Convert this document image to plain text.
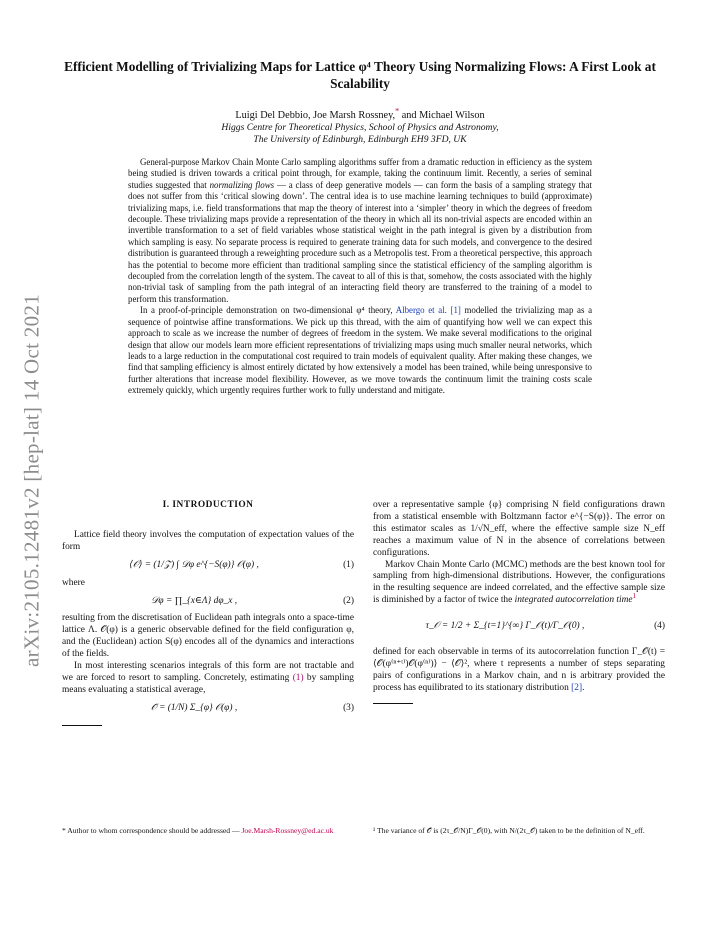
arXiv:2105.12481v2 [hep-lat] 14 Oct 2021
Efficient Modelling of Trivializing Maps for Lattice φ⁴ Theory Using Normalizing Flows: A First Look at Scalability
Luigi Del Debbio, Joe Marsh Rossney,* and Michael Wilson
Higgs Centre for Theoretical Physics, School of Physics and Astronomy,
The University of Edinburgh, Edinburgh EH9 3FD, UK

General-purpose Markov Chain Monte Carlo sampling algorithms suffer from a dramatic reduction in efficiency as the system being studied is driven towards a critical point through, for example, taking the continuum limit. Recently, a series of seminal studies suggested that normalizing flows — a class of deep generative models — can form the basis of a sampling strategy that does not suffer from this ‘critical slowing down’. The central idea is to use machine learning techniques to build (approximate) trivializing maps, i.e. field transformations that map the theory of interest into a ‘simpler’ theory in which the degrees of freedom decouple. These trivializing maps provide a representation of the theory in which all its non-trivial aspects are encoded within an invertible transformation to a set of field variables whose statistical weight in the path integral is given by a distribution from which sampling is easy. No separate process is required to generate training data for such models, and convergence to the desired distribution is guaranteed through a reweighting procedure such as a Metropolis test. From a theoretical perspective, this approach has the potential to become more efficient than traditional sampling since the statistical efficiency of the sampling algorithm is decoupled from the correlation length of the system. The caveat to all of this is that, somehow, the costs associated with the highly non-trivial task of sampling from the path integral of an interacting field theory are transferred to the training of a model to perform this transformation.

In a proof-of-principle demonstration on two-dimensional φ⁴ theory, Albergo et al. [1] modelled the trivializing map as a sequence of pointwise affine transformations. We pick up this thread, with the aim of quantifying how well we can expect this approach to scale as we increase the number of degrees of freedom in the system. We make several modifications to the original design that allow our models learn more efficient representations of trivializing maps using much smaller neural networks, which leads to a large reduction in the computational cost required to train models of equivalent quality. After making these changes, we find that sampling efficiency is almost entirely dictated by how extensively a model has been trained, while being unresponsive to further alterations that increase model flexibility. However, as we move towards the continuum limit the training costs scale extremely quickly, which urgently requires further work to fully understand and mitigate.

I. INTRODUCTION

Lattice field theory involves the computation of expectation values of the form

⟨𝒪⟩ = (1/𝒵) ∫ 𝒟φ e^{−S(φ)} 𝒪(φ) ,	(1)

where

𝒟φ = ∏_{x∈Λ} dφ_x ,	(2)

resulting from the discretisation of Euclidean path integrals onto a space-time lattice Λ. 𝒪(φ) is a generic observable defined for the field configuration φ, and the (Euclidean) action S(φ) encodes all of the dynamics and interactions of the fields.

In most interesting scenarios integrals of this form are not tractable and we are forced to resort to sampling. Concretely, estimating (1) by sampling means evaluating a statistical average,

𝒪̄ = (1/N) Σ_{φ} 𝒪(φ) ,	(3)

over a representative sample {φ} comprising N field configurations drawn from a statistical ensemble with Boltzmann factor e^{−S(φ)}. The error on this estimator scales as 1/√N_eff, where the effective sample size N_eff reaches a maximum value of N in the absence of correlations between configurations.

Markov Chain Monte Carlo (MCMC) methods are the best known tool for sampling from high-dimensional distributions. However, the configurations in the resulting sequence are indeed correlated, and the effective sample size is diminished by a factor of twice the integrated autocorrelation time$^1$

τ_𝒪 = 1/2 + Σ_{t=1}^{∞} Γ_𝒪(t)/Γ_𝒪(0) ,	(4)

defined for each observable in terms of its autocorrelation function Γ_𝒪(t) = ⟨𝒪(φ⁽ⁿ⁺ᵗ⁾)𝒪(φ⁽ⁿ⁾)⟩ − ⟨𝒪⟩², where t represents a number of steps separating pairs of configurations in a Markov chain, and n is arbitrary provided the process has equilibrated to its stationary distribution [2].

* Author to whom correspondence should be addressed — Joe.Marsh-Rossney@ed.ac.uk	¹ The variance of 𝒪̄ is (2τ_𝒪/N)Γ_𝒪(0), with N/(2τ_𝒪) taken to be the definition of N_eff.
